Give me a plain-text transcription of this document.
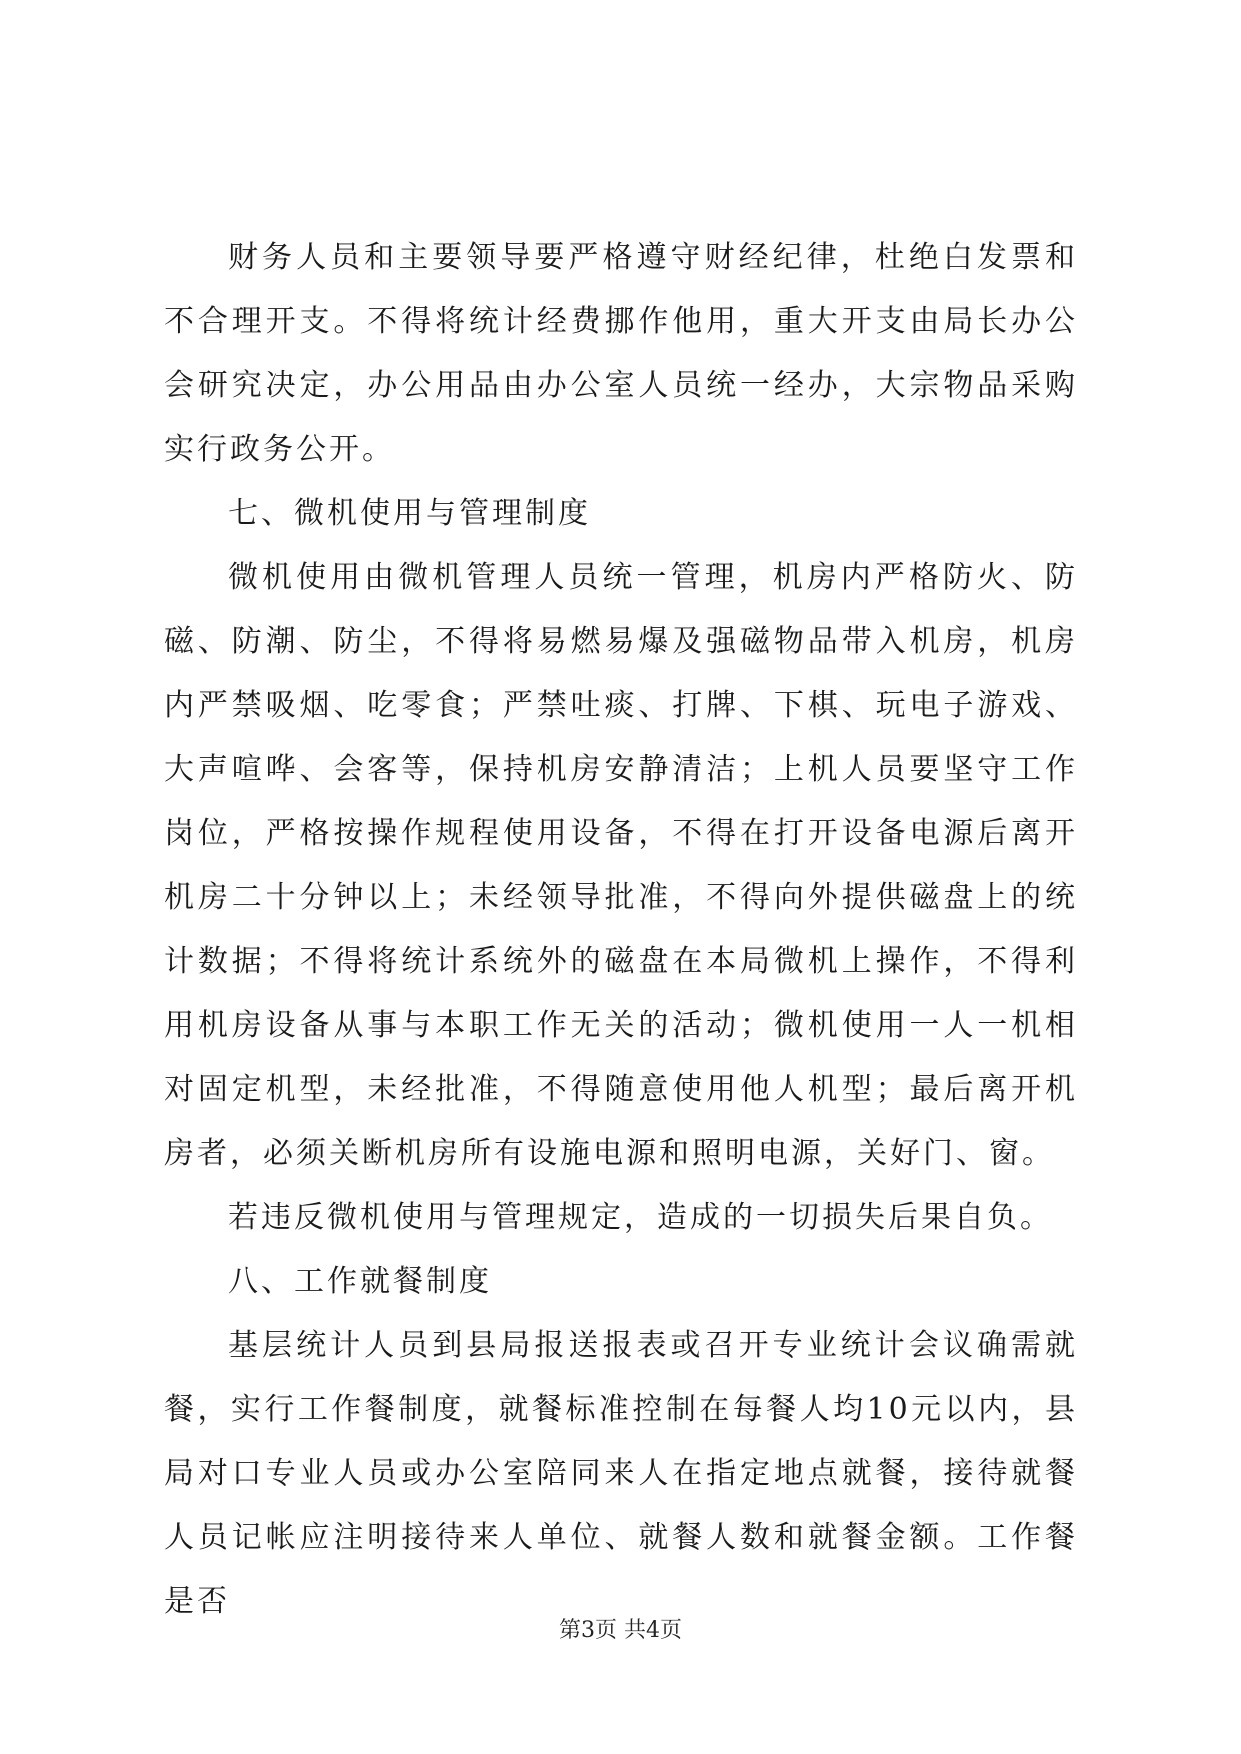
财务人员和主要领导要严格遵守财经纪律，杜绝白发票和不合理开支。不得将统计经费挪作他用，重大开支由局长办公会研究决定，办公用品由办公室人员统一经办，大宗物品采购实行政务公开。

七、微机使用与管理制度

微机使用由微机管理人员统一管理，机房内严格防火、防磁、防潮、防尘，不得将易燃易爆及强磁物品带入机房，机房内严禁吸烟、吃零食；严禁吐痰、打牌、下棋、玩电子游戏、大声喧哗、会客等，保持机房安静清洁；上机人员要坚守工作岗位，严格按操作规程使用设备，不得在打开设备电源后离开机房二十分钟以上；未经领导批准，不得向外提供磁盘上的统计数据；不得将统计系统外的磁盘在本局微机上操作，不得利用机房设备从事与本职工作无关的活动；微机使用一人一机相对固定机型，未经批准，不得随意使用他人机型；最后离开机房者，必须关断机房所有设施电源和照明电源，关好门、窗。

若违反微机使用与管理规定，造成的一切损失后果自负。

八、工作就餐制度

基层统计人员到县局报送报表或召开专业统计会议确需就餐，实行工作餐制度，就餐标准控制在每餐人均10元以内，县局对口专业人员或办公室陪同来人在指定地点就餐，接待就餐人员记帐应注明接待来人单位、就餐人数和就餐金额。工作餐是否

第3页 共4页
